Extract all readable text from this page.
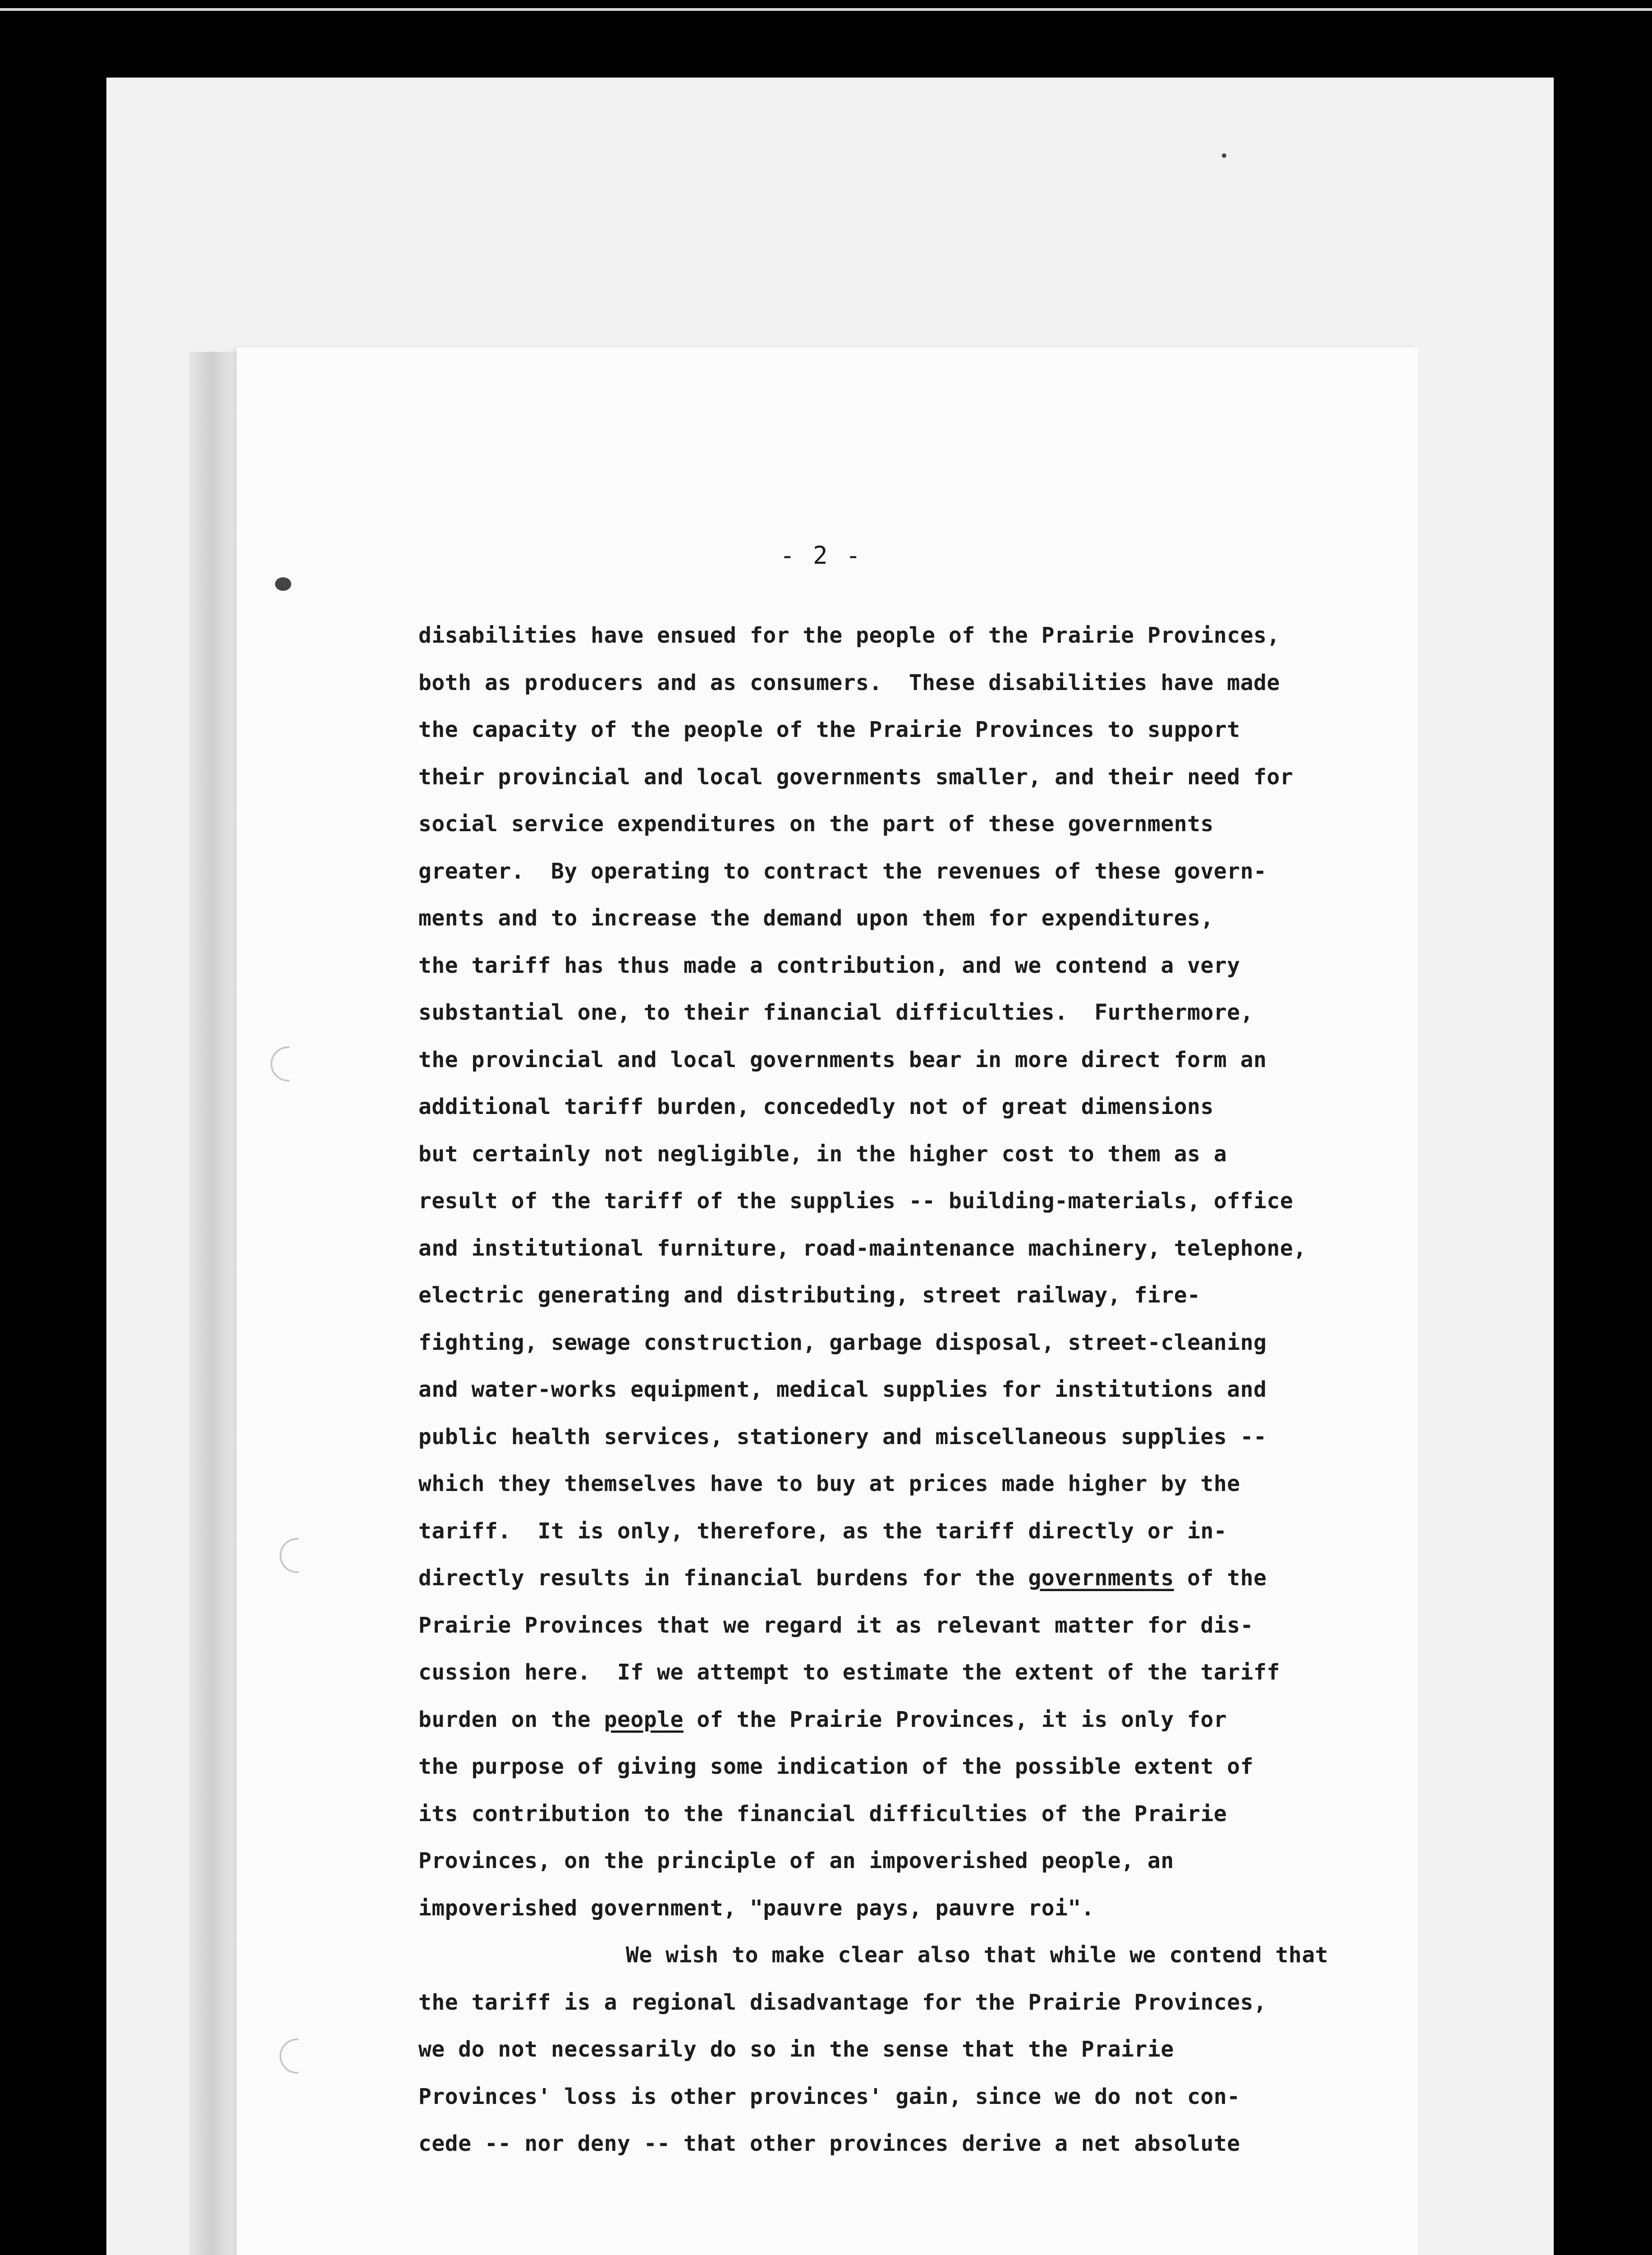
- 2 -
disabilities have ensued for the people of the Prairie Provinces,
both as producers and as consumers.  These disabilities have made
the capacity of the people of the Prairie Provinces to support
their provincial and local governments smaller, and their need for
social service expenditures on the part of these governments
greater.  By operating to contract the revenues of these govern-
ments and to increase the demand upon them for expenditures,
the tariff has thus made a contribution, and we contend a very
substantial one, to their financial difficulties.  Furthermore,
the provincial and local governments bear in more direct form an
additional tariff burden, concededly not of great dimensions
but certainly not negligible, in the higher cost to them as a
result of the tariff of the supplies -- building-materials, office
and institutional furniture, road-maintenance machinery, telephone,
electric generating and distributing, street railway, fire-
fighting, sewage construction, garbage disposal, street-cleaning
and water-works equipment, medical supplies for institutions and
public health services, stationery and miscellaneous supplies --
which they themselves have to buy at prices made higher by the
tariff.  It is only, therefore, as the tariff directly or in-
directly results in financial burdens for the governments of the
Prairie Provinces that we regard it as relevant matter for dis-
cussion here.  If we attempt to estimate the extent of the tariff
burden on the people of the Prairie Provinces, it is only for
the purpose of giving some indication of the possible extent of
its contribution to the financial difficulties of the Prairie
Provinces, on the principle of an impoverished people, an
impoverished government, "pauvre pays, pauvre roi".
We wish to make clear also that while we contend that
the tariff is a regional disadvantage for the Prairie Provinces,
we do not necessarily do so in the sense that the Prairie
Provinces' loss is other provinces' gain, since we do not con-
cede -- nor deny -- that other provinces derive a net absolute
